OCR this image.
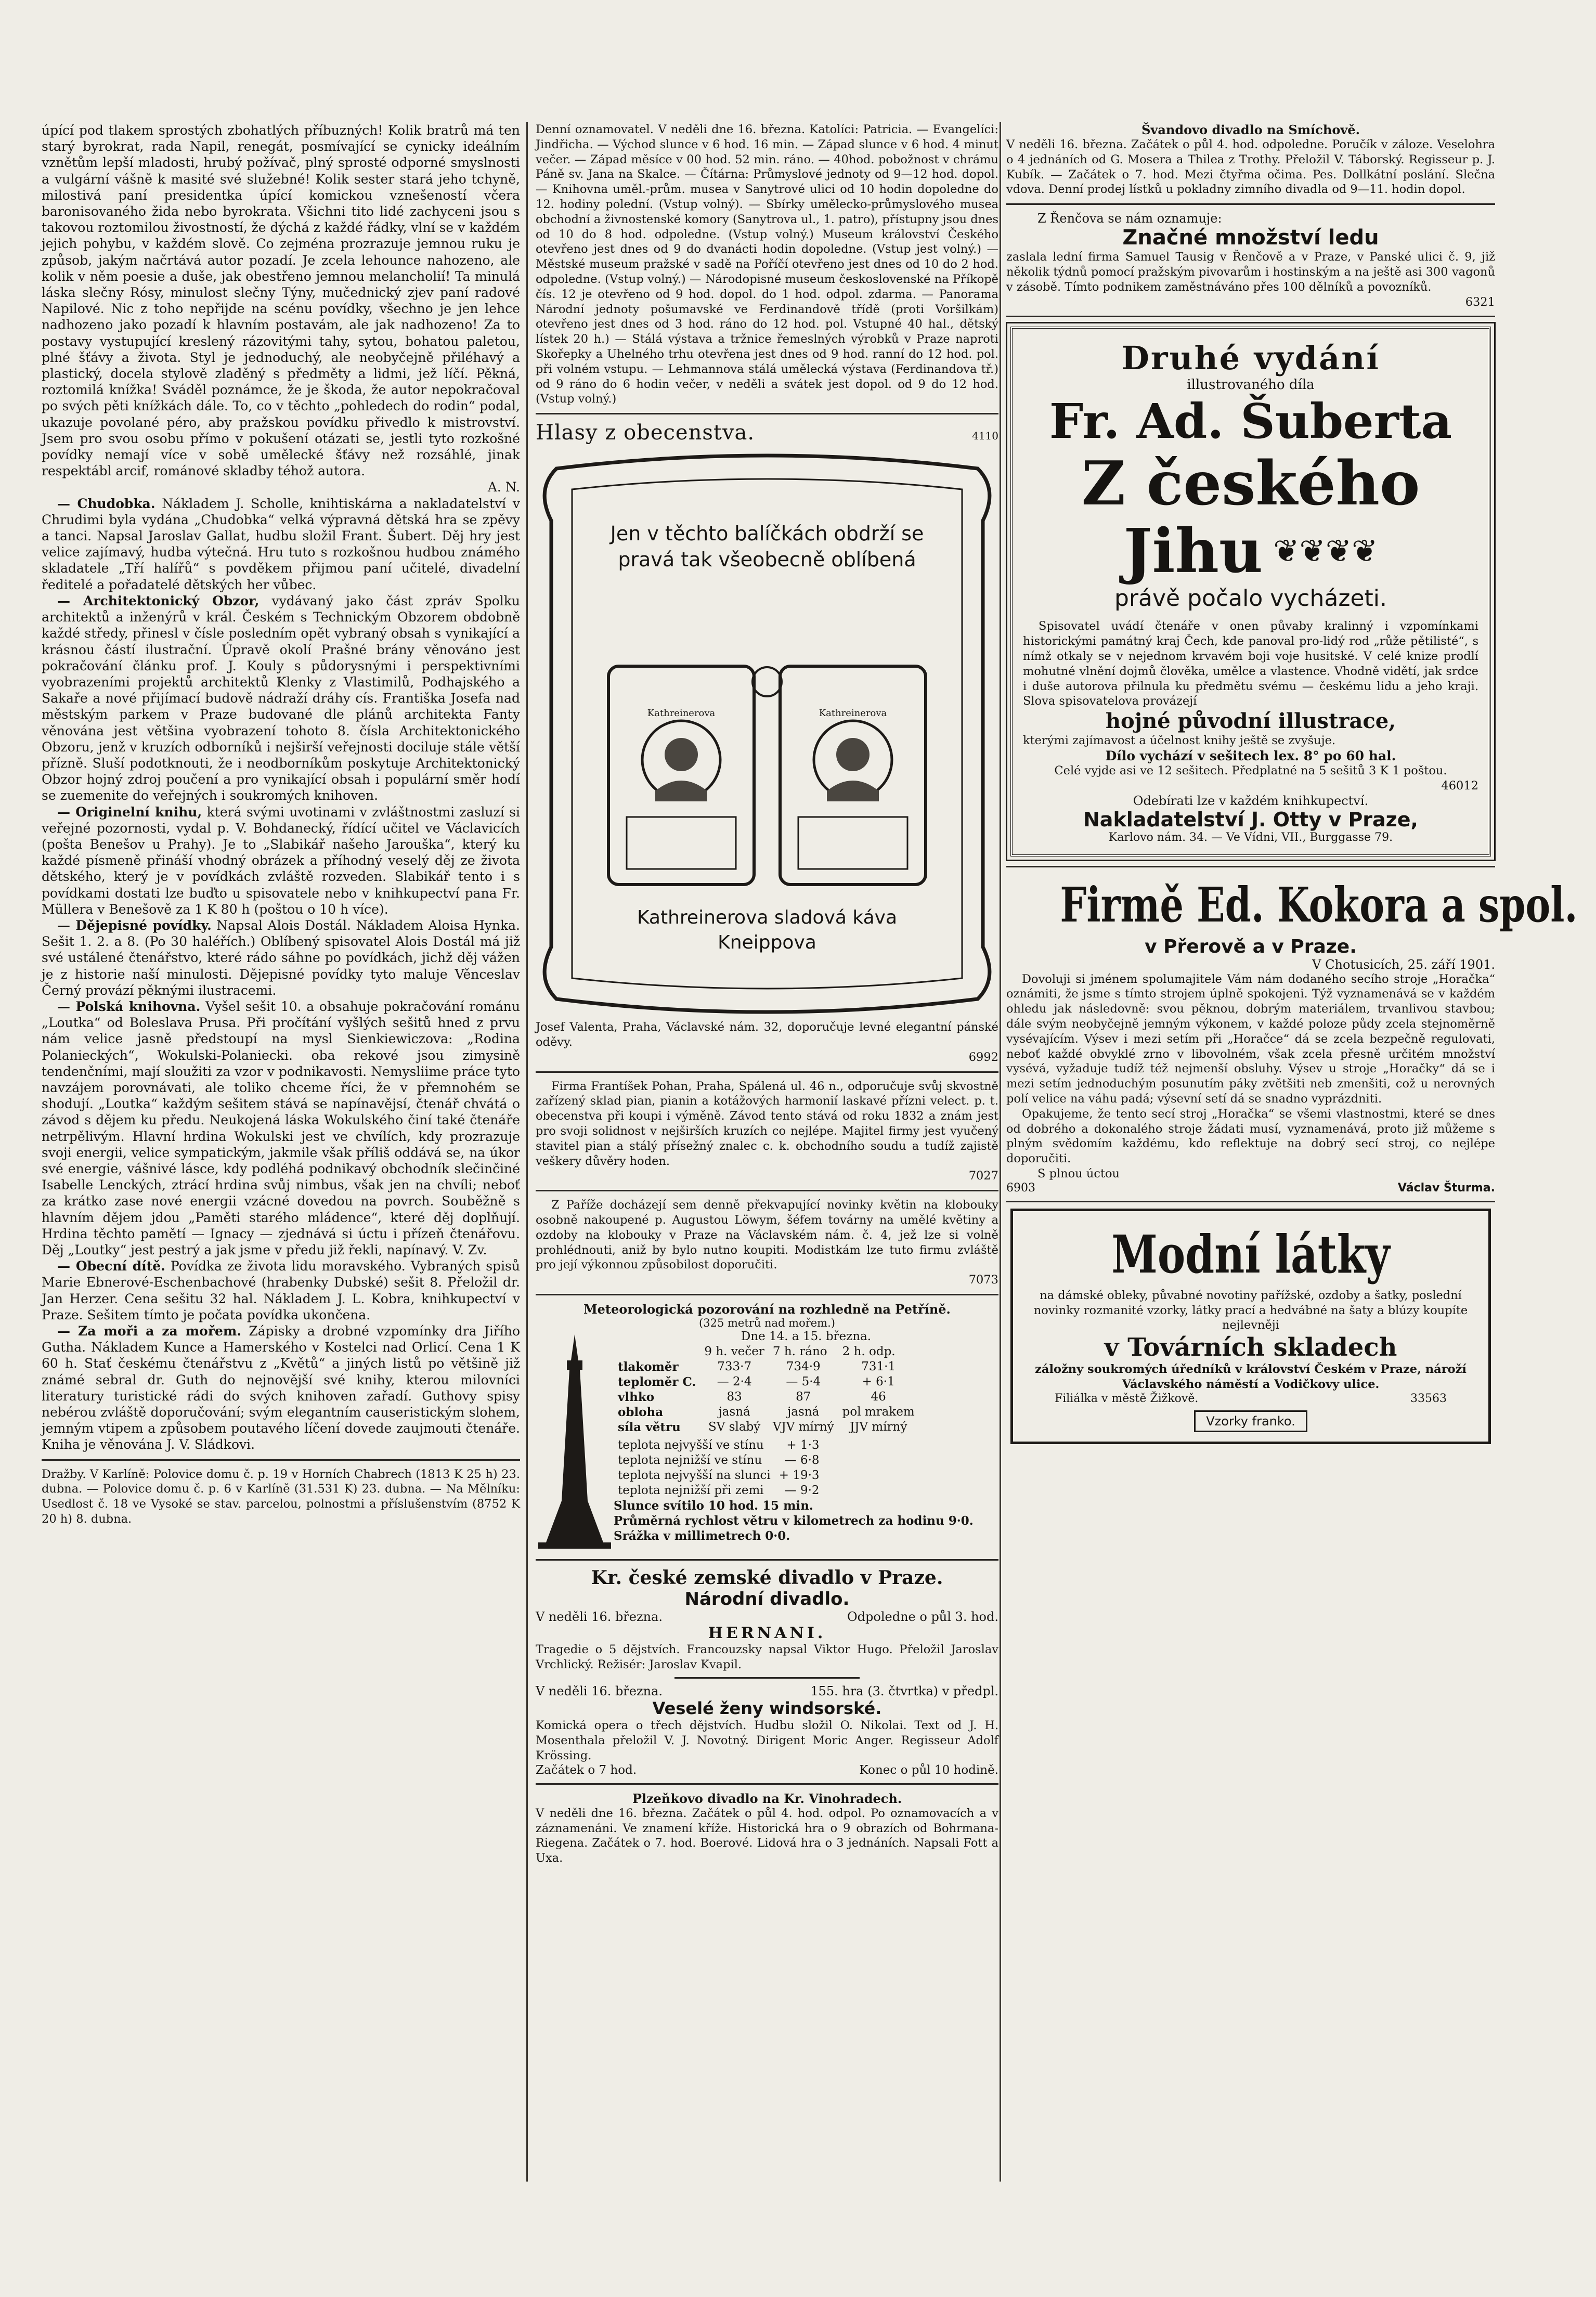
úpící pod tlakem sprostých zbohatlých příbuzných! Kolik bratrů má ten starý byrokrat, rada Napil, renegát, posmívající se cynicky ideálním vznětům lepší mladosti, hrubý požívač, plný sprosté odporné smyslnosti a vulgární vášně k masité své služebné! Kolik sester stará jeho tchyně, milostivá paní presidentka úpící komickou vznešeností včera baronisovaného žida nebo byrokrata. Všichni tito lidé zachyceni jsou s takovou roztomilou živostností, že dýchá z každé řádky, vlní se v každém jejich pohybu, v každém slově. Co zejména prozrazuje jemnou ruku je způsob, jakým načrtává autor pozadí. Je zcela lehounce nahozeno, ale kolik v něm poesie a duše, jak obestřeno jemnou melancholií! Ta minulá láska slečny Rósy, minulost slečny Týny, mučednický zjev paní radové Napilové. Nic z toho nepřijde na scénu povídky, všechno je jen lehce nadhozeno jako pozadí k hlavním postavám, ale jak nadhozeno! Za to postavy vystupující kreslený rázovitými tahy, sytou, bohatou paletou, plné šťávy a života. Styl je jednoduchý, ale neobyčejně přiléhavý a plastický, docela stylově zladěný s předměty a lidmi, jež líčí. Pěkná, roztomilá knížka! Sváděl poznámce, že je škoda, že autor nepokračoval po svých pěti knížkách dále. To, co v těchto „pohledech do rodin“ podal, ukazuje povolané péro, aby pražskou povídku přivedlo k mistrovství. Jsem pro svou osobu přímo v pokušení otázati se, jestli tyto rozkošné povídky nemají více v sobě umělecké šťávy než rozsáhlé, jinak respektábl arcif, románové skladby téhož autora.

A. N.

— Chudobka. Nákladem J. Scholle, knihtiskárna a nakladatelství v Chrudimi byla vydána „Chudobka“ velká výpravná dětská hra se zpěvy a tanci. Napsal Jaroslav Gallat, hudbu složil Frant. Šubert. Děj hry jest velice zajímavý, hudba výtečná. Hru tuto s rozkošnou hudbou známého skladatele „Tří halířů“ s povděkem přijmou paní učitelé, divadelní ředitelé a pořadatelé dětských her vůbec.

— Architektonický Obzor, vydávaný jako část zpráv Spolku architektů a inženýrů v král. Českém s Technickým Obzorem obdobně každé středy, přinesl v čísle posledním opět vybraný obsah s vynikající a krásnou částí ilustrační. Úpravě okolí Prašné brány věnováno jest pokračování článku prof. J. Kouly s půdorysnými i perspektivními vyobrazeními projektů architektů Klenky z Vlastimilů, Podhajského a Sakaře a nové přijímací budově nádraží dráhy cís. Františka Josefa nad městským parkem v Praze budované dle plánů architekta Fanty věnována jest většina vyobrazení tohoto 8. čísla Architektonického Obzoru, jenž v kruzích odborníků i nejširší veřejnosti dociluje stále větší přízně. Sluší podotknouti, že i neodborníkům poskytuje Architektonický Obzor hojný zdroj poučení a pro vynikající obsah i populární směr hodí se zuemenite do veřejných i soukromých knihoven.

— Originelní knihu, která svými uvotinami v zvláštnostmi zasluzí si veřejné pozornosti, vydal p. V. Bohdanecký, řídící učitel ve Václavicích (pošta Benešov u Prahy). Je to „Slabikář našeho Jarouška“, který ku každé písmeně přináší vhodný obrázek a příhodný veselý děj ze života dětského, který je v povídkách zvláště rozveden. Slabikář tento i s povídkami dostati lze buďto u spisovatele nebo v knihkupectví pana Fr. Müllera v Benešově za 1 K 80 h (poštou o 10 h více).

— Dějepisné povídky. Napsal Alois Dostál. Nákladem Aloisa Hynka. Sešit 1. 2. a 8. (Po 30 haléřích.) Oblíbený spisovatel Alois Dostál má již své ustálené čtenářstvo, které rádo sáhne po povídkách, jichž děj vážen je z historie naší minulosti. Dějepisné povídky tyto maluje Věnceslav Černý provází pěknými ilustracemi.

— Polská knihovna. Vyšel sešit 10. a obsahuje pokračování románu „Loutka“ od Boleslava Prusa. Při pročítání vyšlých sešitů hned z prvu nám velice jasně předstoupí na mysl Sienkiewiczova: „Rodina Polanieckých“, Wokulski-Polaniecki. oba rekové jsou zimysině tendenčními, mají sloužiti za vzor v podnikavosti. Nemysliime práce tyto navzájem porovnávati, ale toliko chceme říci, že v přemnohém se shodují. „Loutka“ každým sešitem stává se napínavějsí, čtenář chvátá o závod s dějem ku předu. Neukojená láska Wokulského činí také čtenáře netrpělivým. Hlavní hrdina Wokulski jest ve chvílích, kdy prozrazuje svoji energii, velice sympatickým, jakmile však příliš oddává se, na úkor své energie, vášnivé lásce, kdy podléhá podnikavý obchodník slečinčiné Isabelle Lenckých, ztrácí hrdina svůj nimbus, však jen na chvíli; neboť za krátko zase nové energii vzácné dovedou na povrch. Souběžně s hlavním dějem jdou „Paměti starého mládence“, které děj doplňují. Hrdina těchto pamětí — Ignacy — zjednává si úctu i přízeň čtenářovu. Děj „Loutky“ jest pestrý a jak jsme v předu již řekli, napínavý. V. Zv.

— Obecní dítě. Povídka ze života lidu moravského. Vybraných spisů Marie Ebnerové-Eschenbachové (hrabenky Dubské) sešit 8. Přeložil dr. Jan Herzer. Cena sešitu 32 hal. Nákladem J. L. Kobra, knihkupectví v Praze. Sešitem tímto je počata povídka ukončena.

— Za moři a za mořem. Zápisky a drobné vzpomínky dra Jiřího Gutha. Nákladem Kunce a Hamerského v Kostelci nad Orlicí. Cena 1 K 60 h. Stať českému čtenářstvu z „Květů“ a jiných listů po většině již známé sebral dr. Guth do nejnovější své knihy, kterou milovníci literatury turistické rádi do svých knihoven zařadí. Guthovy spisy nebérou zvláště doporučování; svým elegantním causeristickým slohem, jemným vtipem a způsobem poutavého líčení dovede zaujmouti čtenáře. Kniha je věnována J. V. Sládkovi.

Dražby. V Karlíně: Polovice domu č. p. 19 v Horních Chabrech (1813 K 25 h) 23. dubna. — Polovice domu č. p. 6 v Karlíně (31.531 K) 23. dubna. — Na Mělníku: Usedlost č. 18 ve Vysoké se stav. parcelou, polnostmi a příslušenstvím (8752 K 20 h) 8. dubna.

Denní oznamovatel. V neděli dne 16. března. Katolíci: Patricia. — Evangelíci: Jindřicha. — Východ slunce v 6 hod. 16 min. — Západ slunce v 6 hod. 4 minut večer. — Západ měsíce v 00 hod. 52 min. ráno. — 40hod. pobožnost v chrámu Páně sv. Jana na Skalce. — Čítárna: Průmyslové jednoty od 9—12 hod. dopol. — Knihovna uměl.-prům. musea v Sanytrové ulici od 10 hodin dopoledne do 12. hodiny polední. (Vstup volný). — Sbírky umělecko-průmyslového musea obchodní a živnostenské komory (Sanytrova ul., 1. patro), přístupny jsou dnes od 10 do 8 hod. odpoledne. (Vstup volný.) Museum království Českého otevřeno jest dnes od 9 do dvanácti hodin dopoledne. (Vstup jest volný.) — Městské museum pražské v sadě na Poříčí otevřeno jest dnes od 10 do 2 hod. odpoledne. (Vstup volný.) — Národopisné museum československé na Příkopě čís. 12 je otevřeno od 9 hod. dopol. do 1 hod. odpol. zdarma. — Panorama Národní jednoty pošumavské ve Ferdinandově třídě (proti Voršilkám) otevřeno jest dnes od 3 hod. ráno do 12 hod. pol. Vstupné 40 hal., dětský lístek 20 h.) — Stálá výstava a tržnice řemeslných výrobků v Praze naproti Skořepky a Uhelného trhu otevřena jest dnes od 9 hod. ranní do 12 hod. pol. při volném vstupu. — Lehmannova stálá umělecká výstava (Ferdinandova tř.) od 9 ráno do 6 hodin večer, v neděli a svátek jest dopol. od 9 do 12 hod. (Vstup volný.)

Hlasy z obecenstva.	4110
Jen v těchto balíčkách obdrží se pravá tak všeobecně oblíbená
Kathreinerova	Kathreinerova
Kathreinerova sladová káva Kneippova

Josef Valenta, Praha, Václavské nám. 32, doporučuje levné elegantní pánské oděvy.

6992

Firma Frantíšek Pohan, Praha, Spálená ul. 46 n., odporučuje svůj skvostně zařízený sklad pian, pianin a kotážových harmonií laskavé přízni velect. p. t. obecenstva při koupi i výměně. Závod tento stává od roku 1832 a znám jest pro svoji solidnost v nejširších kruzích co nejlépe. Majitel firmy jest vyučený stavitel pian a stálý přísežný znalec c. k. obchodního soudu a tudíž zajistě veškery důvěry hoden.

7027

Z Paříže docházejí sem denně překvapující novinky květin na klobouky osobně nakoupené p. Augustou Löwym, šéfem továrny na umělé květiny a ozdoby na klobouky v Praze na Václavském nám. č. 4, jež lze si volně prohlédnouti, aniž by bylo nutno koupiti. Modistkám lze tuto firmu zvláště pro její výkonnou způsobilost doporučiti.

7073

Meteorologická pozorování na rozhledně na Petříně.
(325 metrů nad mořem.)
Dne 14. a 15. března.
	9 h. večer	7 h. ráno	2 h. odp.
tlakoměr	733·7	734·9	731·1
teploměr C.	— 2·4	— 5·4	+ 6·1
vlhko	83	87	46
obloha	jasná	jasná	pol mrakem
síla větru	SV slabý	VJV mírný	JJV mírný
teplota nejvyšší ve stínu	+ 1·3
teplota nejnižší ve stínu	— 6·8
teplota nejvyšší na slunci	+ 19·3
teplota nejnižší při zemi	— 9·2
Slunce svítilo 10 hod. 15 min.
Průměrná rychlost větru v kilometrech za hodinu 9·0.
Srážka v millimetrech 0·0.
Kr. české zemské divadlo v Praze.
Národní divadlo.
V neděli 16. března.	Odpoledne o půl 3. hod.
HERNANI.

Tragedie o 5 dějstvích. Francouzsky napsal Viktor Hugo. Přeložil Jaroslav Vrchlický. Režisér: Jaroslav Kvapil.

V neděli 16. března.	155. hra (3. čtvrtka) v předpl.
Veselé ženy windsorské.

Komická opera o třech dějstvích. Hudbu složil O. Nikolai. Text od J. H. Mosenthala přeložil V. J. Novotný. Dirigent Moric Anger. Regisseur Adolf Krössing.

Začátek o 7 hod.	Konec o půl 10 hodině.
Plzeňkovo divadlo na Kr. Vinohradech.

V neděli dne 16. března. Začátek o půl 4. hod. odpol. Po oznamovacích a v záznamenáni. Ve znamení kříže. Historická hra o 9 obrazích od Bohrmana-Riegena. Začátek o 7. hod. Boerové. Lidová hra o 3 jednáních. Napsali Fott a Uxa.

Švandovo divadlo na Smíchově.

V neděli 16. března. Začátek o půl 4. hod. odpoledne. Poručík v záloze. Veselohra o 4 jednáních od G. Mosera a Thilea z Trothy. Přeložil V. Táborský. Regisseur p. J. Kubík. — Začátek o 7. hod. Mezi čtyřma očima. Pes. Dollkátní poslání. Slečna vdova. Denní prodej lístků u pokladny zimního divadla od 9—11. hodin dopol.

Z Řenčova se nám oznamuje:
Značné množství ledu

zaslala lední firma Samuel Tausig v Řenčově a v Praze, v Panské ulici č. 9, již několik týdnů pomocí pražským pivovarům i hostinským a na ještě asi 300 vagonů v zásobě. Tímto podnikem zaměstnáváno přes 100 dělníků a povozníků.

6321

Druhé vydání
illustrovaného díla
Fr. Ad. Šuberta
Z českého
Jihu ❦❦❦❦
právě počalo vycházeti.

Spisovatel uvádí čtenáře v onen půvaby kralinný i vzpomínkami historickými památný kraj Čech, kde panoval pro-lidý rod „růže pětilisté“, s nímž otkaly se v nejednom krvavém boji voje husitské. V celé knize prodlí mohutné vlnění dojmů člověka, umělce a vlastence. Vhodně vidětí, jak srdce i duše autorova přilnula ku předmětu svému — českému lidu a jeho kraji. Slova spisovatelova provázejí

hojné původní illustrace,

kterými zajímavost a účelnost knihy ještě se zvyšuje.

Dílo vychází v sešitech lex. 8° po 60 hal.

Celé vyjde asi ve 12 sešitech. Předplatné na 5 sešitů 3 K 1 poštou.

46012

Odebírati lze v každém knihkupectví.
Nakladatelství J. Otty v Praze,
Karlovo nám. 34. — Ve Vídni, VII., Burggasse 79.
Firmě Ed. Kokora a spol.
v Přerově a v Praze.
V Chotusicích, 25. září 1901.

Dovoluji si jménem spolumajitele Vám nám dodaného secího stroje „Horačka“ oznámiti, že jsme s tímto strojem úplně spokojeni. Týž vyznamenává se v každém ohledu jak následovně: svou pěknou, dobrým materiálem, trvanlivou stavbou; dále svým neobyčejně jemným výkonem, v každé poloze půdy zcela stejnoměrně vysévajícím. Výsev i mezi setím při „Horačce“ dá se zcela bezpečně regulovati, neboť každé obvyklé zrno v libovolném, však zcela přesně určitém množství vysévá, vyžaduje tudíž též nejmenší obsluhy. Výsev u stroje „Horačky“ dá se i mezi setím jednoduchým posunutím páky zvětšiti neb zmenšiti, což u nerovných polí velice na váhu padá; výsevní setí dá se snadno vyprázdniti.

Opakujeme, že tento secí stroj „Horačka“ se všemi vlastnostmi, které se dnes od dobrého a dokonalého stroje žádati musí, vyznamenává, proto již můžeme s plným svědomím každému, kdo reflektuje na dobrý secí stroj, co nejlépe doporučiti.

S plnou úctou

6903	Václav Šturma.
Modní látky

na dámské obleky, půvabné novotiny pařížské, ozdoby a šatky, poslední novinky rozmanité vzorky, látky prací a hedvábné na šaty a blúzy koupíte nejlevněji

v Továrních skladech

záložny soukromých úředníků v království Českém v Praze, nároží Václavského náměstí a Vodičkovy ulice.

Filiálka v městě Žižkově.	33563
Vzorky franko.
